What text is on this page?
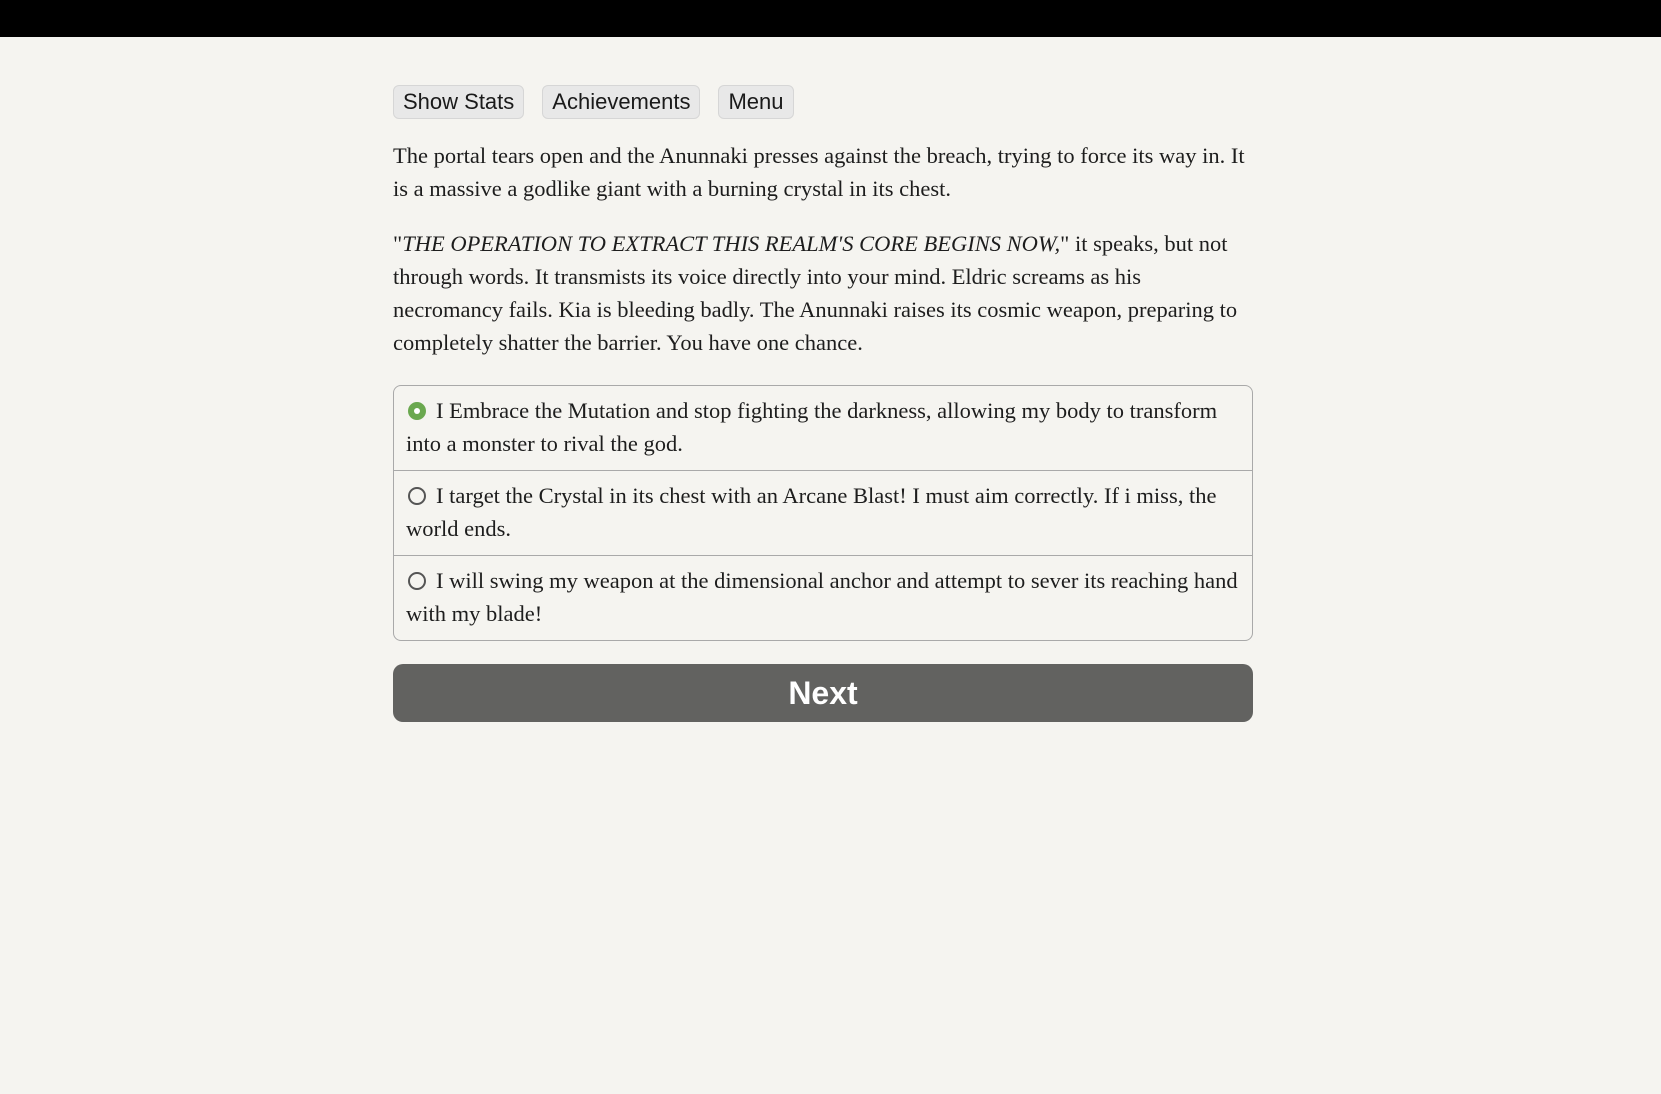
Show Stats	Achievements	Menu

The portal tears open and the Anunnaki presses against the breach, trying to force its way in. It is a massive a godlike giant with a burning crystal in its chest.

"THE OPERATION TO EXTRACT THIS REALM'S CORE BEGINS NOW," it speaks, but not through words. It transmists its voice directly into your mind. Eldric screams as his necromancy fails. Kia is bleeding badly. The Anunnaki raises its cosmic weapon, preparing to completely shatter the barrier. You have one chance.

I Embrace the Mutation and stop fighting the darkness, allowing my body to transform into a monster to rival the god.
I target the Crystal in its chest with an Arcane Blast! I must aim correctly. If i miss, the world ends.
I will swing my weapon at the dimensional anchor and attempt to sever its reaching hand with my blade!
Next
